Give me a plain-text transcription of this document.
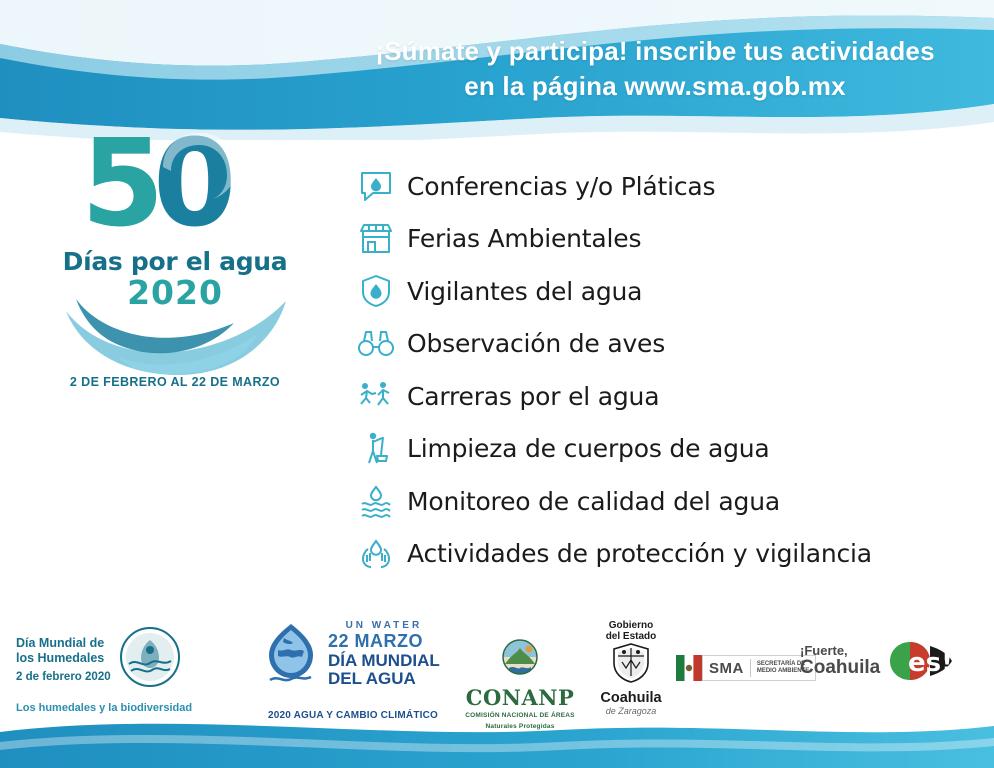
¡Súmate y participa! inscribe tus actividades
en la página www.sma.gob.mx
5
0
Días por el agua
2020
2 DE FEBRERO AL 22 DE MARZO
Conferencias y/o Pláticas
Ferias Ambientales
Vigilantes del agua
Observación de aves
Carreras por el agua
Limpieza de cuerpos de agua
Monitoreo de calidad del agua
Actividades de protección y vigilancia
Día Mundial de
los Humedales
2 de febrero 2020
Los humedales y la biodiversidad
UN WATER
22 MARZO
DÍA MUNDIAL
DEL AGUA
2020 AGUA Y CAMBIO CLIMÁTICO
CONANP
COMISIÓN NACIONAL DE ÁREAS
Naturales Protegidas
Gobierno
del Estado
Coahuila
de Zaragoza
SMA SECRETARÍA DE
MEDIO AMBIENTE
¡Fuerte,
Coahuila es!
